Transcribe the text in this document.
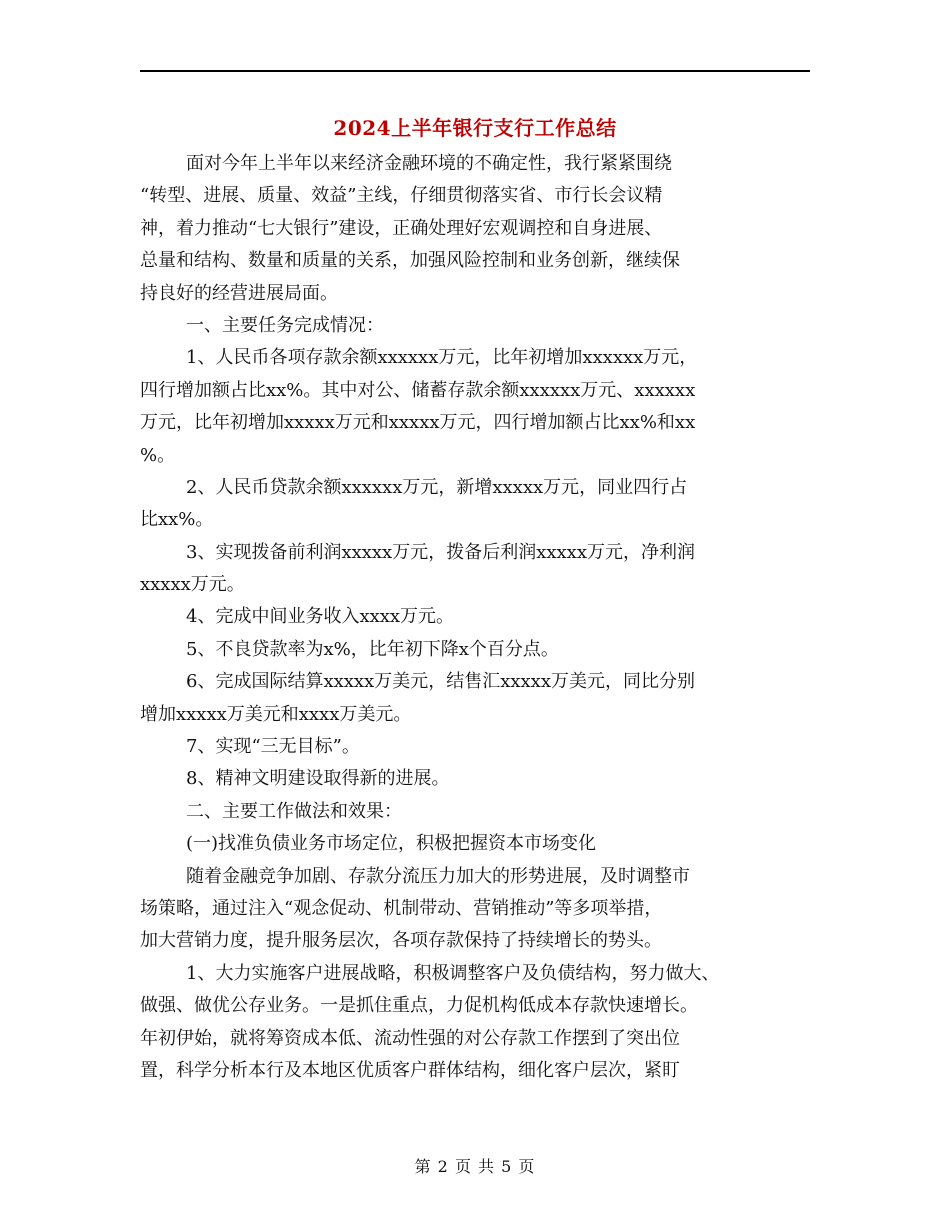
2024上半年银行支行工作总结
面对今年上半年以来经济金融环境的不确定性，我行紧紧围绕
“转型、进展、质量、效益”主线，仔细贯彻落实省、市行长会议精
神，着力推动“七大银行”建设，正确处理好宏观调控和自身进展、
总量和结构、数量和质量的关系，加强风险控制和业务创新，继续保
持良好的经营进展局面。
一、主要任务完成情况：
1、人民币各项存款余额xxxxxx万元，比年初增加xxxxxx万元，
四行增加额占比xx%。其中对公、储蓄存款余额xxxxxx万元、xxxxxx
万元，比年初增加xxxxx万元和xxxxx万元，四行增加额占比xx%和xx
%。
2、人民币贷款余额xxxxxx万元，新增xxxxx万元，同业四行占
比xx%。
3、实现拨备前利润xxxxx万元，拨备后利润xxxxx万元，净利润
xxxxx万元。
4、完成中间业务收入xxxx万元。
5、不良贷款率为x%，比年初下降x个百分点。
6、完成国际结算xxxxx万美元，结售汇xxxxx万美元，同比分别
增加xxxxx万美元和xxxx万美元。
7、实现“三无目标”。
8、精神文明建设取得新的进展。
二、主要工作做法和效果：
(一)找准负债业务市场定位，积极把握资本市场变化
随着金融竞争加剧、存款分流压力加大的形势进展，及时调整市
场策略，通过注入“观念促动、机制带动、营销推动”等多项举措，
加大营销力度，提升服务层次，各项存款保持了持续增长的势头。
1、大力实施客户进展战略，积极调整客户及负债结构，努力做大、
做强、做优公存业务。一是抓住重点，力促机构低成本存款快速增长。
年初伊始，就将筹资成本低、流动性强的对公存款工作摆到了突出位
置，科学分析本行及本地区优质客户群体结构，细化客户层次，紧盯
第 2 页 共 5 页
